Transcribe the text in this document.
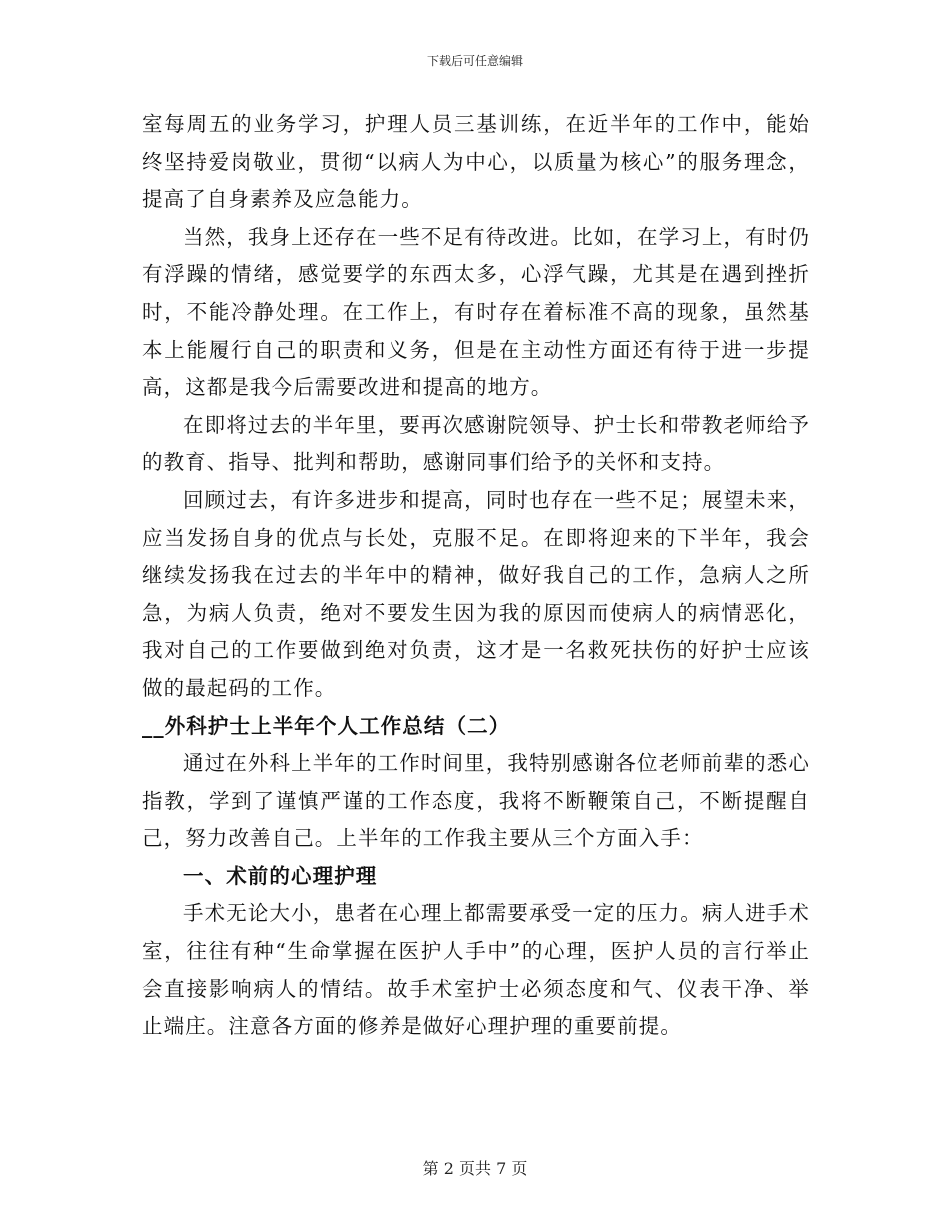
下载后可任意编辑

室每周五的业务学习，护理人员三基训练，在近半年的工作中，能始终坚持爱岗敬业，贯彻“以病人为中心，以质量为核心”的服务理念，提高了自身素养及应急能力。

当然，我身上还存在一些不足有待改进。比如，在学习上，有时仍有浮躁的情绪，感觉要学的东西太多，心浮气躁，尤其是在遇到挫折时，不能冷静处理。在工作上，有时存在着标准不高的现象，虽然基本上能履行自己的职责和义务，但是在主动性方面还有待于进一步提高，这都是我今后需要改进和提高的地方。

在即将过去的半年里，要再次感谢院领导、护士长和带教老师给予的教育、指导、批判和帮助，感谢同事们给予的关怀和支持。

回顾过去，有许多进步和提高，同时也存在一些不足；展望未来，应当发扬自身的优点与长处，克服不足。在即将迎来的下半年，我会继续发扬我在过去的半年中的精神，做好我自己的工作，急病人之所急，为病人负责，绝对不要发生因为我的原因而使病人的病情恶化，我对自己的工作要做到绝对负责，这才是一名救死扶伤的好护士应该做的最起码的工作。

__外科护士上半年个人工作总结（二）

通过在外科上半年的工作时间里，我特别感谢各位老师前辈的悉心指教，学到了谨慎严谨的工作态度，我将不断鞭策自己，不断提醒自己，努力改善自己。上半年的工作我主要从三个方面入手：

一、术前的心理护理

手术无论大小，患者在心理上都需要承受一定的压力。病人进手术室，往往有种“生命掌握在医护人手中”的心理，医护人员的言行举止会直接影响病人的情结。故手术室护士必须态度和气、仪表干净、举止端庄。注意各方面的修养是做好心理护理的重要前提。

第 2 页共 7 页
